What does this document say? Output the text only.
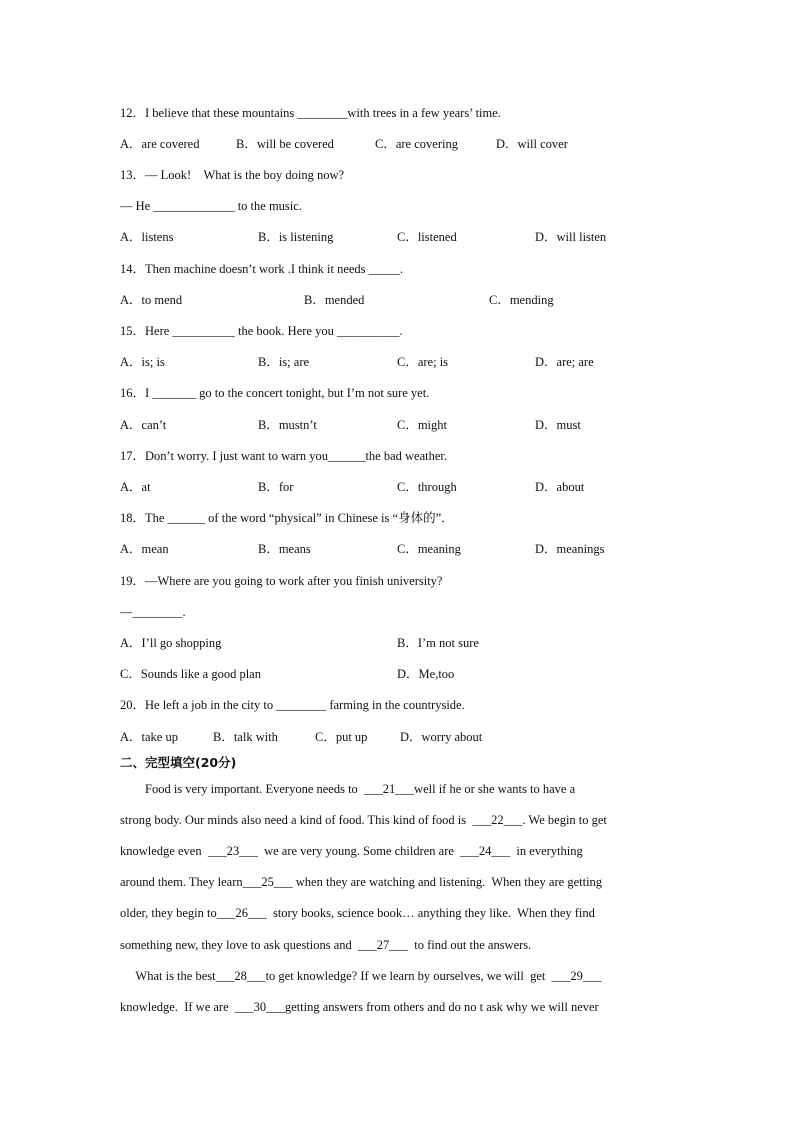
12．I believe that these mountains ________with trees in a few years’ time.
A．are covered	B．will be covered	C．are covering	D．will cover
13．— Look!    What is the boy doing now?
— He _____________ to the music.
A．listens	B．is listening	C．listened	D．will listen
14．Then machine doesn’t work .I think it needs _____.
A．to mend	B．mended	C．mending
15．Here __________ the book. Here you __________.
A．is; is	B．is; are	C．are; is	D．are; are
16．I _______ go to the concert tonight, but I’m not sure yet.
A．can’t	B．mustn’t	C．might	D．must
17．Don’t worry. I just want to warn you______the bad weather.
A．at	B．for	C．through	D．about
18．The ______ of the word “physical” in Chinese is “身体的”．
A．mean	B．means	C．meaning	D．meanings
19．—Where are you going to work after you finish university?
—________.
A．I’ll go shopping	B．I’m not sure
C．Sounds like a good plan	D．Me,too
20．He left a job in the city to ________ farming in the countryside.
A．take up	B．talk with	C．put up	D．worry about
二、完型填空(20分)
Food is very important. Everyone needs to  ___21___well if he or she wants to have a
strong body. Our minds also need a kind of food. This kind of food is  ___22___. We begin to get
knowledge even  ___23___  we are very young. Some children are  ___24___  in everything
around them. They learn___25___ when they are watching and listening.  When they are getting
older, they begin to___26___  story books, science book… anything they like.  When they find
something new, they love to ask questions and  ___27___  to find out the answers.
What is the best___28___to get knowledge? If we learn by ourselves, we will  get  ___29___
knowledge.  If we are  ___30___getting answers from others and do no t ask why we will never
